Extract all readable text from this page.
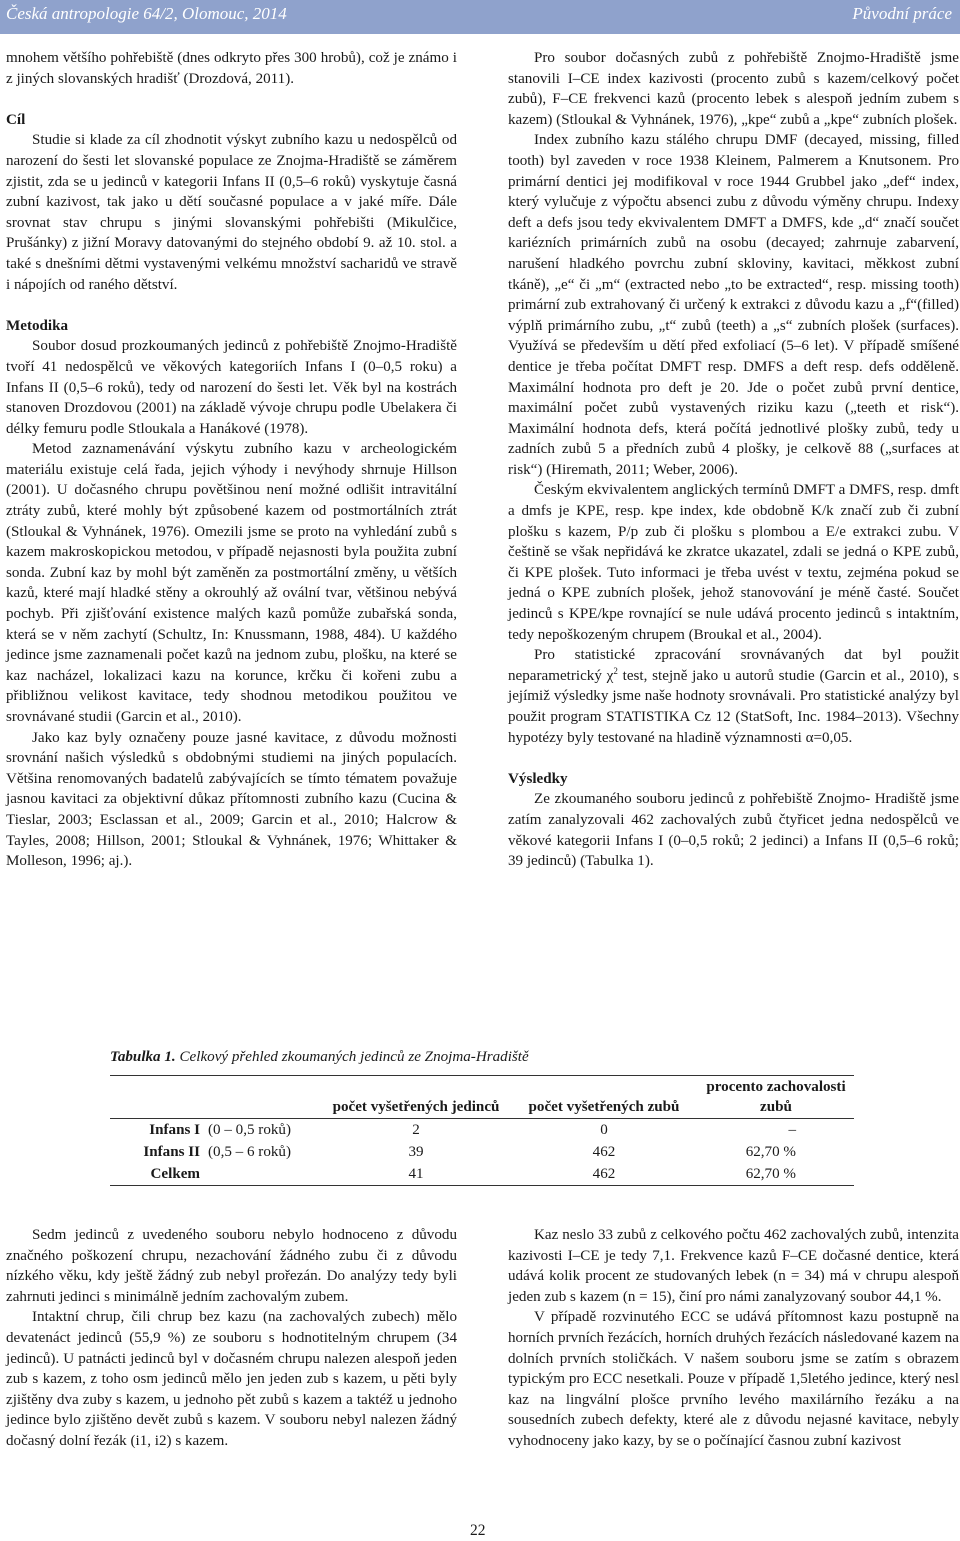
Česká antropologie 64/2, Olomouc, 2014	Původní práce

mnohem většího pohřebiště (dnes odkryto přes 300 hrobů), což je známo i z jiných slovanských hradišť (Drozdová, 2011).

Cíl

Studie si klade za cíl zhodnotit výskyt zubního kazu u nedospělců od narození do šesti let slovanské populace ze Znojma-Hradiště se záměrem zjistit, zda se u jedinců v kategorii Infans II (0,5–6 roků) vyskytuje časná zubní kazivost, tak jako u dětí současné populace a v jaké míře. Dále srovnat stav chrupu s jinými slovanskými pohřebišti (Mikulčice, Prušánky) z jižní Moravy datovanými do stejného období 9. až 10. stol. a také s dnešními dětmi vystavenými velkému množství sacharidů ve stravě i nápojích od raného dětství.

Metodika

Soubor dosud prozkoumaných jedinců z pohřebiště Znojmo-Hradiště tvoří 41 nedospělců ve věkových kategoriích Infans I (0–0,5 roku) a Infans II (0,5–6 roků), tedy od narození do šesti let. Věk byl na kostrách stanoven Drozdovou (2001) na základě vývoje chrupu podle Ubelakera či délky femuru podle Stloukala a Hanákové (1978).

Metod zaznamenávání výskytu zubního kazu v archeologickém materiálu existuje celá řada, jejich výhody i nevýhody shrnuje Hillson (2001). U dočasného chrupu povětšinou není možné odlišit intravitální ztráty zubů, které mohly být způsobené kazem od postmortálních ztrát (Stloukal & Vyhnánek, 1976). Omezili jsme se proto na vyhledání zubů s kazem makroskopickou metodou, v případě nejasnosti byla použita zubní sonda. Zubní kaz by mohl být zaměněn za postmortální změny, u větších kazů, které mají hladké stěny a okrouhlý až ovální tvar, většinou nebývá pochyb. Při zjišťování existence malých kazů pomůže zubařská sonda, která se v něm zachytí (Schultz, In: Knussmann, 1988, 484). U každého jedince jsme zaznamenali počet kazů na jednom zubu, plošku, na které se kaz nacházel, lokalizaci kazu na korunce, krčku či kořeni zubu a přibližnou velikost kavitace, tedy shodnou metodikou použitou ve srovnávané studii (Garcin et al., 2010).

Jako kaz byly označeny pouze jasné kavitace, z důvodu možnosti srovnání našich výsledků s obdobnými studiemi na jiných populacích. Většina renomovaných badatelů zabývajících se tímto tématem považuje jasnou kavitaci za objektivní důkaz přítomnosti zubního kazu (Cucina & Tieslar, 2003; Esclassan et al., 2009; Garcin et al., 2010; Halcrow & Tayles, 2008; Hillson, 2001; Stloukal & Vyhnánek, 1976; Whittaker & Molleson, 1996; aj.).

Pro soubor dočasných zubů z pohřebiště Znojmo-Hradiště jsme stanovili I–CE index kazivosti (procento zubů s kazem/celkový počet zubů), F–CE frekvenci kazů (procento lebek s alespoň jedním zubem s kazem) (Stloukal & Vyhnánek, 1976), „kpe“ zubů a „kpe“ zubních plošek.

Index zubního kazu stálého chrupu DMF (decayed, missing, filled tooth) byl zaveden v roce 1938 Kleinem, Palmerem a Knutsonem. Pro primární dentici jej modifikoval v roce 1944 Grubbel jako „def“ index, který vylučuje z výpočtu absenci zubu z důvodu výměny chrupu. Indexy deft a defs jsou tedy ekvivalentem DMFT a DMFS, kde „d“ značí součet kariézních primárních zubů na osobu (decayed; zahrnuje zabarvení, narušení hladkého povrchu zubní skloviny, kavitaci, měkkost zubní tkáně), „e“ či „m“ (extracted nebo „to be extracted“, resp. missing tooth) primární zub extrahovaný či určený k extrakci z důvodu kazu a „f“(filled) výplň primárního zubu, „t“ zubů (teeth) a „s“ zubních plošek (surfaces). Využívá se především u dětí před exfoliací (5–6 let). V případě smíšené dentice je třeba počítat DMFT resp. DMFS a deft resp. defs odděleně. Maximální hodnota pro deft je 20. Jde o počet zubů první dentice, maximální počet zubů vystavených riziku kazu („teeth et risk“). Maximální hodnota defs, která počítá jednotlivé plošky zubů, tedy u zadních zubů 5 a předních zubů 4 plošky, je celkově 88 („surfaces at risk“) (Hiremath, 2011; Weber, 2006).

Českým ekvivalentem anglických termínů DMFT a DMFS, resp. dmft a dmfs je KPE, resp. kpe index, kde obdobně K/k značí zub či zubní plošku s kazem, P/p zub či plošku s plombou a E/e extrakci zubu. V češtině se však nepřidává ke zkratce ukazatel, zdali se jedná o KPE zubů, či KPE plošek. Tuto informaci je třeba uvést v textu, zejména pokud se jedná o KPE zubních plošek, jehož stanovování je méně časté. Součet jedinců s KPE/kpe rovnající se nule udává procento jedinců s intaktním, tedy nepoškozeným chrupem (Broukal et al., 2004).

Pro statistické zpracování srovnávaných dat byl použit neparametrický $\chi^2$ test, stejně jako u autorů studie (Garcin et al., 2010), s jejímiž výsledky jsme naše hodnoty srovnávali. Pro statistické analýzy byl použit program STATISTIKA Cz 12 (StatSoft, Inc. 1984–2013). Všechny hypotézy byly testované na hladině významnosti α=0,05.

Výsledky

Ze zkoumaného souboru jedinců z pohřebiště Znojmo- Hradiště jsme zatím zanalyzovali 462 zachovalých zubů čtyřicet jedna nedospělců ve věkové kategorii Infans I (0–0,5 roků; 2 jedinci) a Infans II (0,5–6 roků; 39 jedinců) (Tabulka 1).

Tabulka 1. Celkový přehled zkoumaných jedinců ze Znojma-Hradiště
		počet vyšetřených jedinců	počet vyšetřených zubů	procento zachovalosti zubů
Infans I	(0 – 0,5 roků)	2	0	–
Infans II	(0,5 – 6 roků)	39	462	62,70 %
Celkem		41	462	62,70 %

Sedm jedinců z uvedeného souboru nebylo hodnoceno z důvodu značného poškození chrupu, nezachování žádného zubu či z důvodu nízkého věku, kdy ještě žádný zub nebyl prořezán. Do analýzy tedy byli zahrnuti jedinci s minimálně jedním zachovalým zubem.

Intaktní chrup, čili chrup bez kazu (na zachovalých zubech) mělo devatenáct jedinců (55,9 %) ze souboru s hodnotitelným chrupem (34 jedinců). U patnácti jedinců byl v dočasném chrupu nalezen alespoň jeden zub s kazem, z toho osm jedinců mělo jen jeden zub s kazem, u pěti byly zjištěny dva zuby s kazem, u jednoho pět zubů s kazem a taktéž u jednoho jedince bylo zjištěno devět zubů s kazem. V souboru nebyl nalezen žádný dočasný dolní řezák (i1, i2) s kazem.

Kaz neslo 33 zubů z celkového počtu 462 zachovalých zubů, intenzita kazivosti I–CE je tedy 7,1. Frekvence kazů F–CE dočasné dentice, která udává kolik procent ze studovaných lebek (n = 34) má v chrupu alespoň jeden zub s kazem (n = 15), činí pro námi zanalyzovaný soubor 44,1 %.

V případě rozvinutého ECC se udává přítomnost kazu postupně na horních prvních řezácích, horních druhých řezácích následované kazem na dolních prvních stoličkách. V našem souboru jsme se zatím s obrazem typickým pro ECC nesetkali. Pouze v případě 1,5letého jedince, který nesl kaz na lingvální plošce prvního levého maxilárního řezáku a na sousedních zubech defekty, které ale z důvodu nejasné kavitace, nebyly vyhodnoceny jako kazy, by se o počínající časnou zubní kazivost

22
